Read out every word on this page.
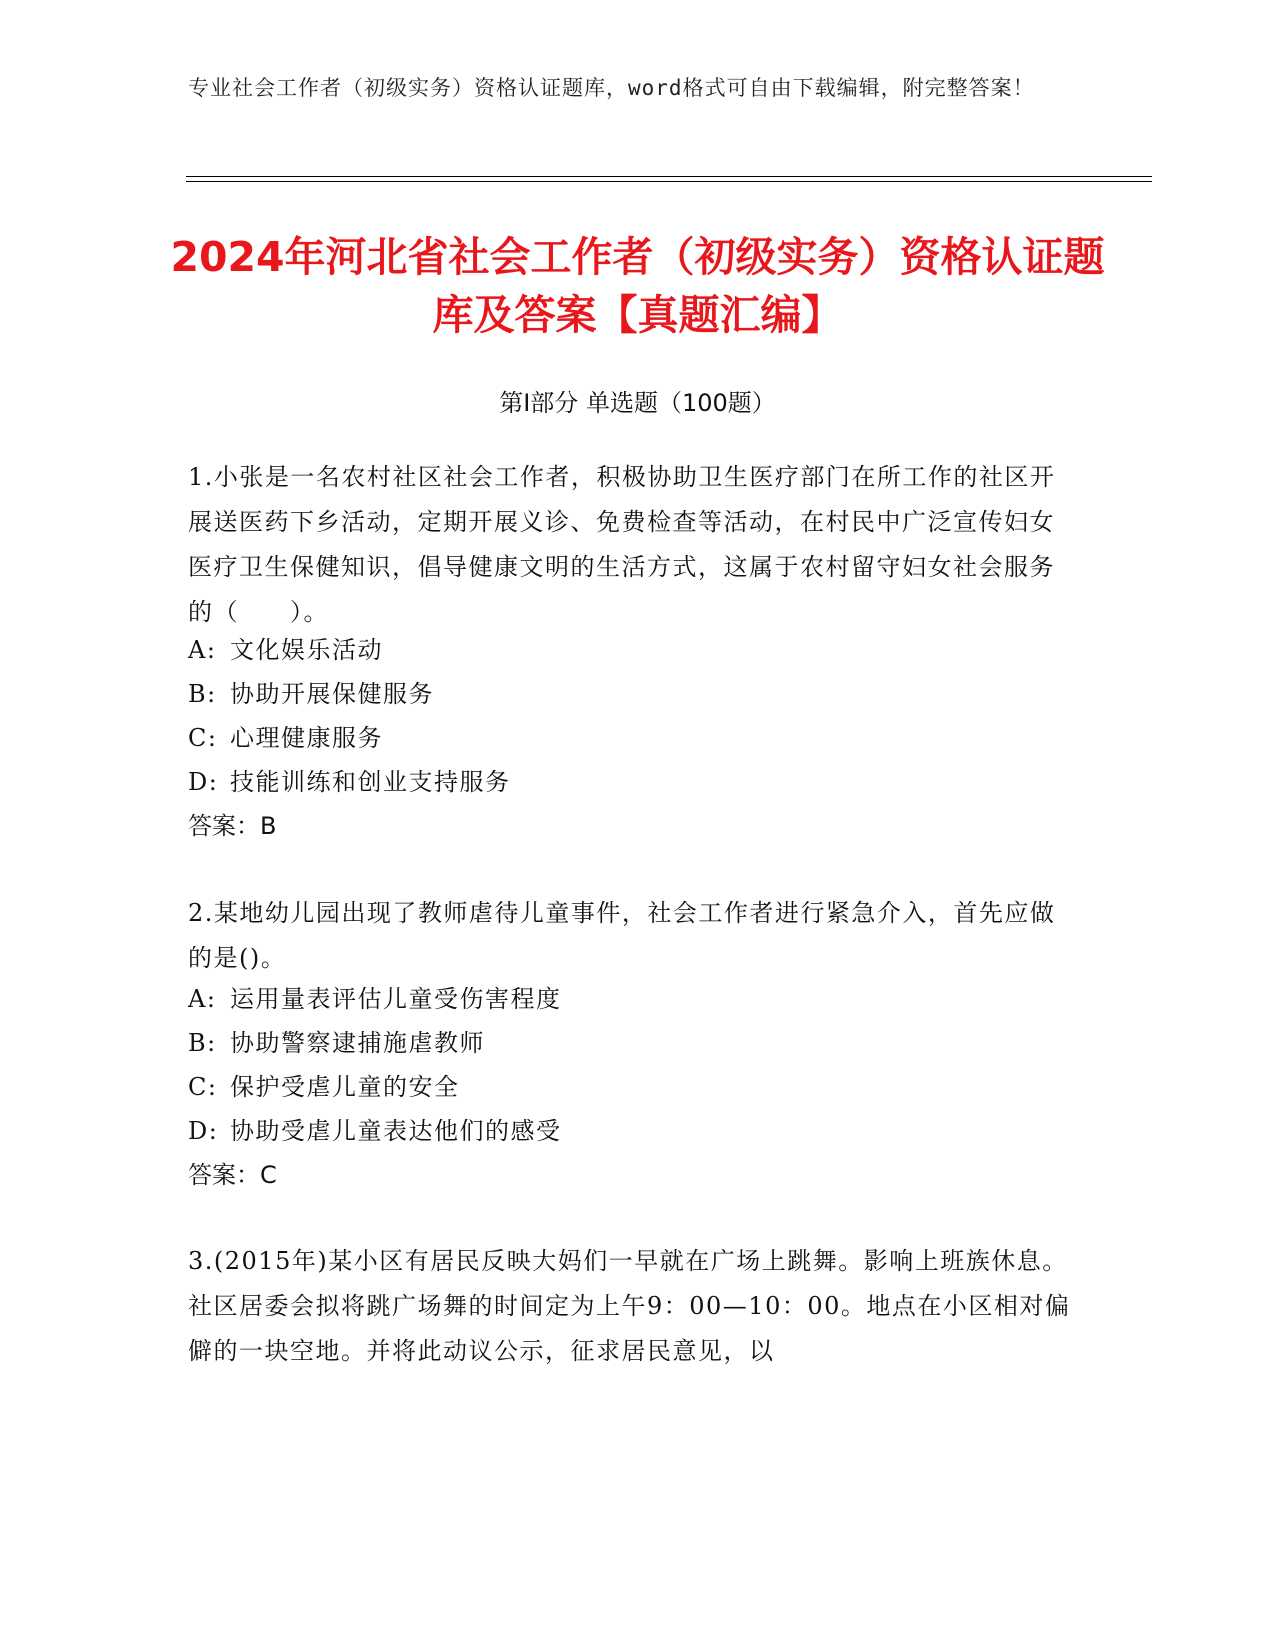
专业社会工作者（初级实务）资格认证题库，word格式可自由下载编辑，附完整答案！
2024年河北省社会工作者（初级实务）资格认证题库及答案【真题汇编】
第Ⅰ部分 单选题（100题）
1.小张是一名农村社区社会工作者，积极协助卫生医疗部门在所工作的社区开展送医药下乡活动，定期开展义诊、免费检查等活动，在村民中广泛宣传妇女医疗卫生保健知识，倡导健康文明的生活方式，这属于农村留守妇女社会服务的（　　）。
A: 文化娱乐活动
B: 协助开展保健服务
C: 心理健康服务
D: 技能训练和创业支持服务
答案：B
2.某地幼儿园出现了教师虐待儿童事件，社会工作者进行紧急介入，首先应做的是()。
A: 运用量表评估儿童受伤害程度
B: 协助警察逮捕施虐教师
C: 保护受虐儿童的安全
D: 协助受虐儿童表达他们的感受
答案：C
3.(2015年)某小区有居民反映大妈们一早就在广场上跳舞。影响上班族休息。社区居委会拟将跳广场舞的时间定为上午9：00—10：00。地点在小区相对偏僻的一块空地。并将此动议公示，征求居民意见，以
